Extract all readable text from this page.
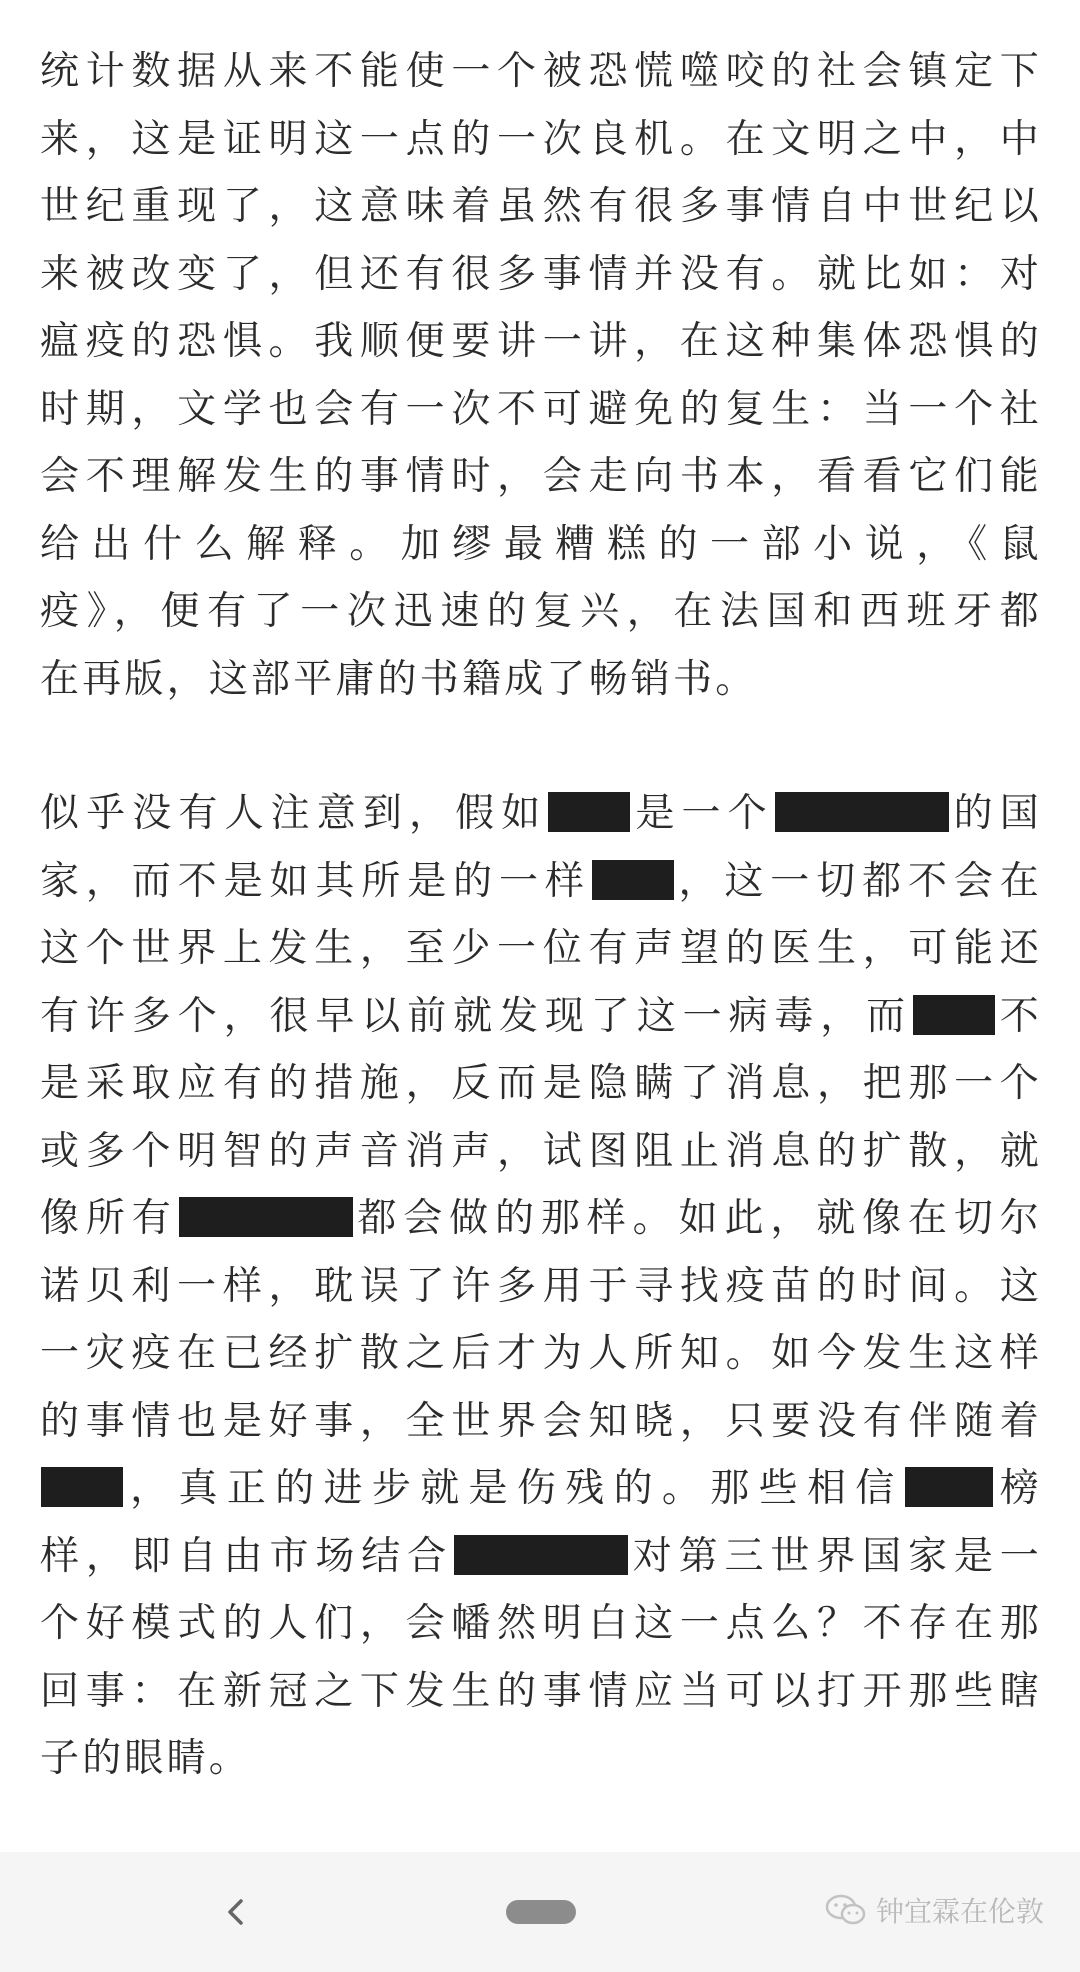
统计数据从来不能使一个被恐慌噬咬的社会镇定下
来，这是证明这一点的一次良机。在文明之中，中
世纪重现了，这意味着虽然有很多事情自中世纪以
来被改变了，但还有很多事情并没有。就比如：对
瘟疫的恐惧。我顺便要讲一讲，在这种集体恐惧的
时期，文学也会有一次不可避免的复生：当一个社
会不理解发生的事情时，会走向书本，看看它们能
给出什么解释。加缪最糟糕的一部小说，《鼠
疫》，便有了一次迅速的复兴，在法国和西班牙都
在再版，这部平庸的书籍成了畅销书。

似乎没有人注意到，假如 是一个	的国
家，而不是如其所是的一样 ，这一切都不会在
这个世界上发生，至少一位有声望的医生，可能还
有许多个，很早以前就发现了这一病毒，而 不
是采取应有的措施，反而是隐瞒了消息，把那一个
或多个明智的声音消声，试图阻止消息的扩散，就
像所有	都会做的那样。如此，就像在切尔
诺贝利一样，耽误了许多用于寻找疫苗的时间。这
一灾疫在已经扩散之后才为人所知。如今发生这样
的事情也是好事，全世界会知晓，只要没有伴随着
，真正的进步就是伤残的。那些相信 榜
样，即自由市场结合	对第三世界国家是一
个好模式的人们，会幡然明白这一点么？不存在那
回事：在新冠之下发生的事情应当可以打开那些瞎
子的眼睛。

钟宜霖在伦敦
